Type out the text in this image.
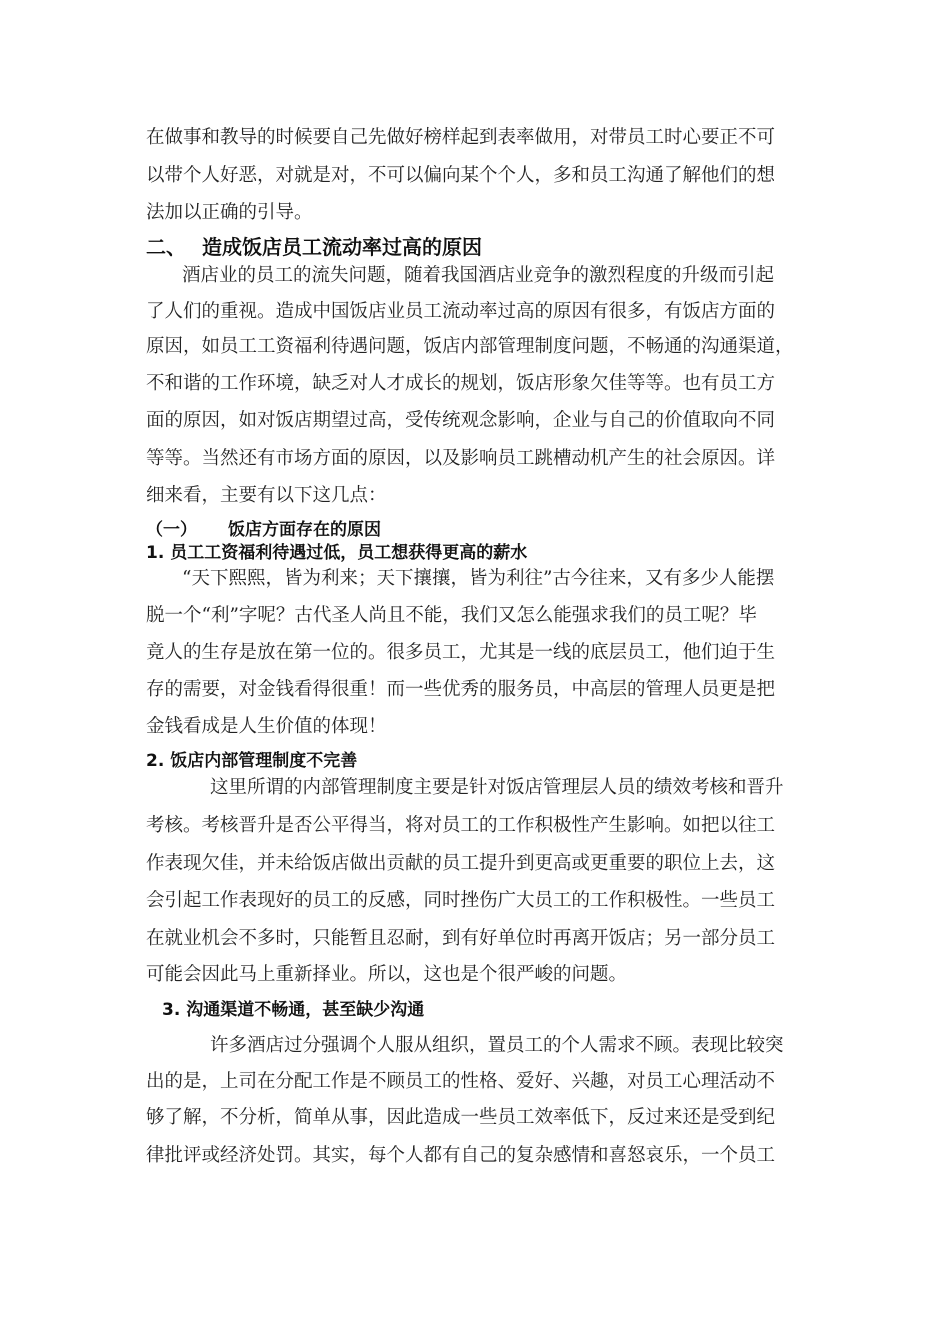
在做事和教导的时候要自己先做好榜样起到表率做用，对带员工时心要正不可
以带个人好恶，对就是对，不可以偏向某个个人，多和员工沟通了解他们的想
法加以正确的引导。
二、 造成饭店员工流动率过高的原因
酒店业的员工的流失问题，随着我国酒店业竞争的激烈程度的升级而引起
了人们的重视。造成中国饭店业员工流动率过高的原因有很多，有饭店方面的
原因，如员工工资福利待遇问题，饭店内部管理制度问题，不畅通的沟通渠道，
不和谐的工作环境，缺乏对人才成长的规划，饭店形象欠佳等等。也有员工方
面的原因，如对饭店期望过高，受传统观念影响，企业与自己的价值取向不同
等等。当然还有市场方面的原因，以及影响员工跳槽动机产生的社会原因。详
细来看，主要有以下这几点：
（一） 饭店方面存在的原因
1. 员工工资福利待遇过低，员工想获得更高的薪水
“天下熙熙，皆为利来；天下攘攘，皆为利往”古今往来，又有多少人能摆
脱一个“利”字呢？古代圣人尚且不能，我们又怎么能强求我们的员工呢？毕
竟人的生存是放在第一位的。很多员工，尤其是一线的底层员工，他们迫于生
存的需要，对金钱看得很重！而一些优秀的服务员，中高层的管理人员更是把
金钱看成是人生价值的体现！
2. 饭店内部管理制度不完善
这里所谓的内部管理制度主要是针对饭店管理层人员的绩效考核和晋升
考核。考核晋升是否公平得当，将对员工的工作积极性产生影响。如把以往工
作表现欠佳，并未给饭店做出贡献的员工提升到更高或更重要的职位上去，这
会引起工作表现好的员工的反感，同时挫伤广大员工的工作积极性。一些员工
在就业机会不多时，只能暂且忍耐，到有好单位时再离开饭店；另一部分员工
可能会因此马上重新择业。所以，这也是个很严峻的问题。
3. 沟通渠道不畅通，甚至缺少沟通
许多酒店过分强调个人服从组织，置员工的个人需求不顾。表现比较突
出的是，上司在分配工作是不顾员工的性格、爱好、兴趣，对员工心理活动不
够了解，不分析，简单从事，因此造成一些员工效率低下，反过来还是受到纪
律批评或经济处罚。其实，每个人都有自己的复杂感情和喜怒哀乐，一个员工
